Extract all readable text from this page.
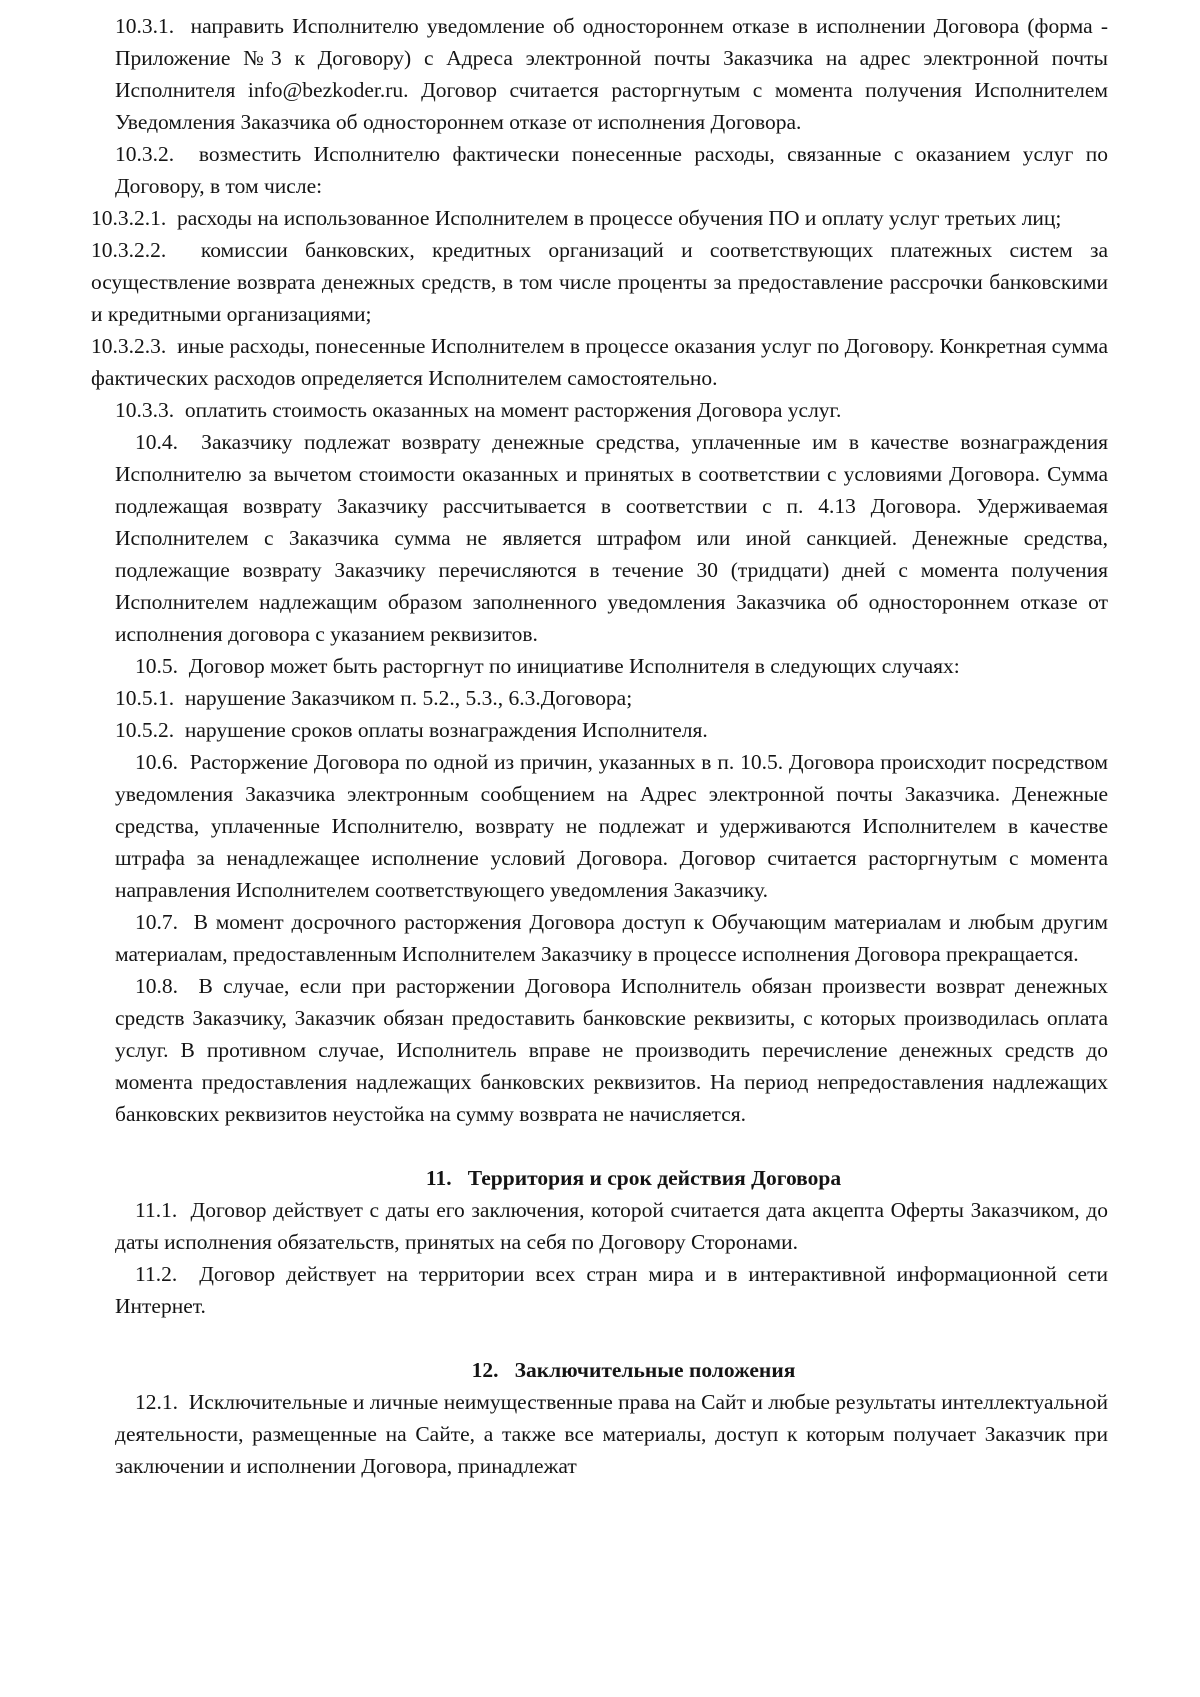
10.3.1. направить Исполнителю уведомление об одностороннем отказе в исполнении Договора (форма - Приложение №3 к Договору) с Адреса электронной почты Заказчика на адрес электронной почты Исполнителя info@bezkoder.ru. Договор считается расторгнутым с момента получения Исполнителем Уведомления Заказчика об одностороннем отказе от исполнения Договора.

10.3.2. возместить Исполнителю фактически понесенные расходы, связанные с оказанием услуг по Договору, в том числе:

10.3.2.1. расходы на использованное Исполнителем в процессе обучения ПО и оплату услуг третьих лиц;

10.3.2.2. комиссии банковских, кредитных организаций и соответствующих платежных систем за осуществление возврата денежных средств, в том числе проценты за предоставление рассрочки банковскими и кредитными организациями;

10.3.2.3. иные расходы, понесенные Исполнителем в процессе оказания услуг по Договору. Конкретная сумма фактических расходов определяется Исполнителем самостоятельно.

10.3.3. оплатить стоимость оказанных на момент расторжения Договора услуг.

10.4. Заказчику подлежат возврату денежные средства, уплаченные им в качестве вознаграждения Исполнителю за вычетом стоимости оказанных и принятых в соответствии с условиями Договора. Сумма подлежащая возврату Заказчику рассчитывается в соответствии с п. 4.13 Договора. Удерживаемая Исполнителем с Заказчика сумма не является штрафом или иной санкцией. Денежные средства, подлежащие возврату Заказчику перечисляются в течение 30 (тридцати) дней с момента получения Исполнителем надлежащим образом заполненного уведомления Заказчика об одностороннем отказе от исполнения договора с указанием реквизитов.

10.5. Договор может быть расторгнут по инициативе Исполнителя в следующих случаях:

10.5.1. нарушение Заказчиком п. 5.2., 5.3., 6.3.Договора;

10.5.2. нарушение сроков оплаты вознаграждения Исполнителя.

10.6. Расторжение Договора по одной из причин, указанных в п. 10.5. Договора происходит посредством уведомления Заказчика электронным сообщением на Адрес электронной почты Заказчика. Денежные средства, уплаченные Исполнителю, возврату не подлежат и удерживаются Исполнителем в качестве штрафа за ненадлежащее исполнение условий Договора. Договор считается расторгнутым с момента направления Исполнителем соответствующего уведомления Заказчику.

10.7. В момент досрочного расторжения Договора доступ к Обучающим материалам и любым другим материалам, предоставленным Исполнителем Заказчику в процессе исполнения Договора прекращается.

10.8. В случае, если при расторжении Договора Исполнитель обязан произвести возврат денежных средств Заказчику, Заказчик обязан предоставить банковские реквизиты, с которых производилась оплата услуг. В противном случае, Исполнитель вправе не производить перечисление денежных средств до момента предоставления надлежащих банковских реквизитов. На период непредоставления надлежащих банковских реквизитов неустойка на сумму возврата не начисляется.

11.   Территория и срок действия Договора

11.1. Договор действует с даты его заключения, которой считается дата акцепта Оферты Заказчиком, до даты исполнения обязательств, принятых на себя по Договору Сторонами.

11.2. Договор действует на территории всех стран мира и в интерактивной информационной сети Интернет.

12.   Заключительные положения

12.1. Исключительные и личные неимущественные права на Сайт и любые результаты интеллектуальной деятельности, размещенные на Сайте, а также все материалы, доступ к которым получает Заказчик при заключении и исполнении Договора, принадлежат
